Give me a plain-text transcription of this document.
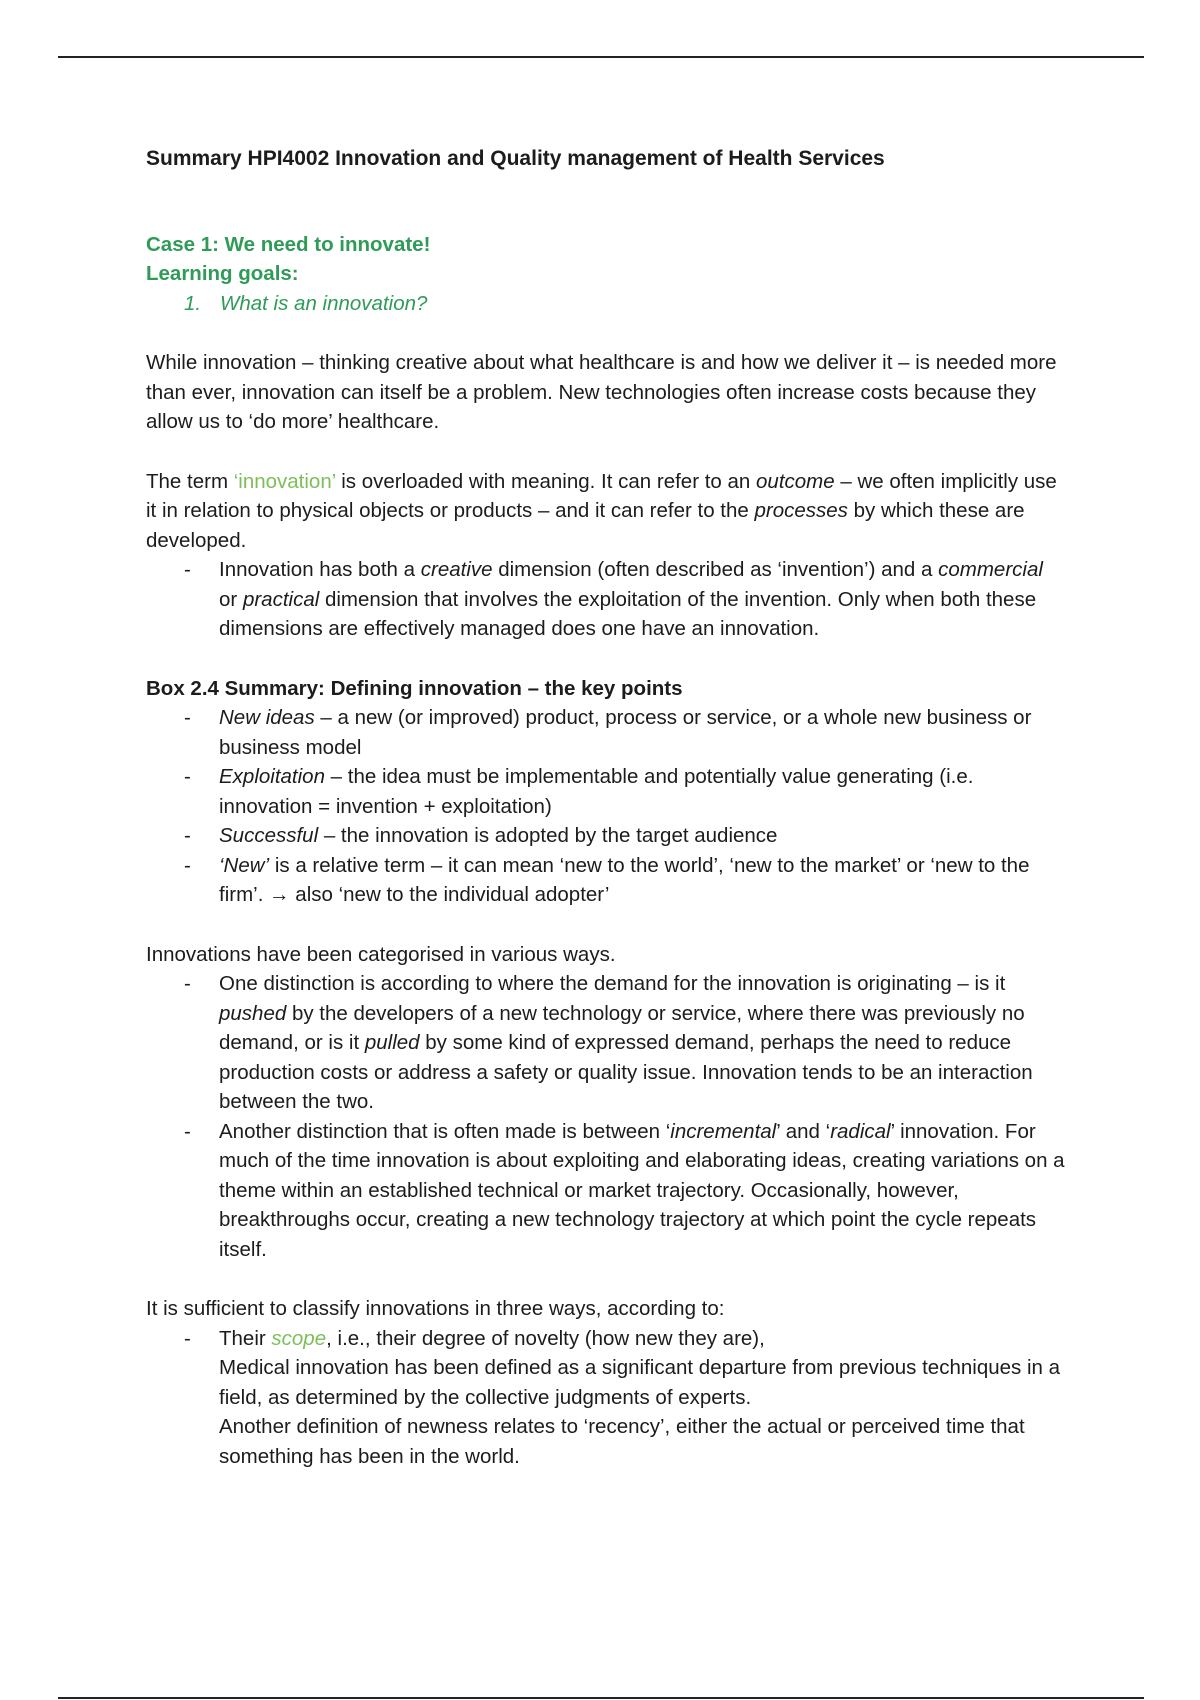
Summary HPI4002 Innovation and Quality management of Health Services

Case 1: We need to innovate!

Learning goals:

1. What is an innovation?

While innovation – thinking creative about what healthcare is and how we deliver it – is needed more than ever, innovation can itself be a problem. New technologies often increase costs because they allow us to ‘do more’ healthcare.

The term ‘innovation’ is overloaded with meaning. It can refer to an outcome – we often implicitly use it in relation to physical objects or products – and it can refer to the processes by which these are developed.

- Innovation has both a creative dimension (often described as ‘invention’) and a commercial or practical dimension that involves the exploitation of the invention. Only when both these dimensions are effectively managed does one have an innovation.

Box 2.4 Summary: Defining innovation – the key points

- New ideas – a new (or improved) product, process or service, or a whole new business or business model
- Exploitation – the idea must be implementable and potentially value generating (i.e. innovation = invention + exploitation)
- Successful – the innovation is adopted by the target audience
- ‘New’ is a relative term – it can mean ‘new to the world’, ‘new to the market’ or ‘new to the firm’. → also ‘new to the individual adopter’

Innovations have been categorised in various ways.

- One distinction is according to where the demand for the innovation is originating – is it pushed by the developers of a new technology or service, where there was previously no demand, or is it pulled by some kind of expressed demand, perhaps the need to reduce production costs or address a safety or quality issue. Innovation tends to be an interaction between the two.
- Another distinction that is often made is between ‘incremental’ and ‘radical’ innovation. For much of the time innovation is about exploiting and elaborating ideas, creating variations on a theme within an established technical or market trajectory. Occasionally, however, breakthroughs occur, creating a new technology trajectory at which point the cycle repeats itself.

It is sufficient to classify innovations in three ways, according to:

- Their scope, i.e., their degree of novelty (how new they are),
Medical innovation has been defined as a significant departure from previous techniques in a field, as determined by the collective judgments of experts.
Another definition of newness relates to ‘recency’, either the actual or perceived time that something has been in the world.
